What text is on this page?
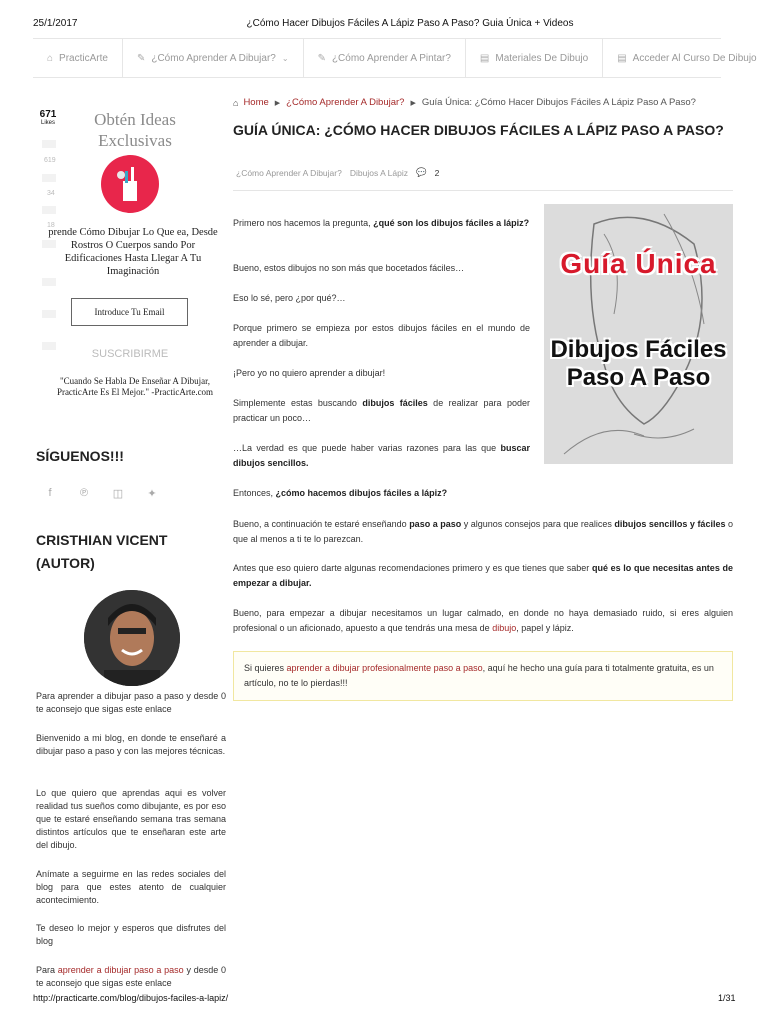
25/1/2017	¿Cómo Hacer Dibujos Fáciles A Lápiz Paso A Paso? Guia Única + Videos
⌂ PracticArte	✎ ¿Cómo Aprender A Dibujar? ⌄	✎ ¿Cómo Aprender A Pintar?	▤ Materiales De Dibujo	▤ Acceder Al Curso De Dibujo
671
Likes
619
34
18
Obtén Ideas Exclusivas
prende Cómo Dibujar Lo Que ea, Desde Rostros O Cuerpos sando Por Edificaciones Hasta Llegar A Tu Imaginación
Introduce Tu Email
SUSCRIBIRME
"Cuando Se Habla De Enseñar A Dibujar, PracticArte Es El Mejor." -PracticArte.com
SÍGUENOS!!!
f	℗ ◫ ✦
CRISTHIAN VICENT
(AUTOR)
Para aprender a dibujar paso a paso y desde 0 te aconsejo que sigas este enlace
Bienvenido a mi blog, en donde te enseñaré a dibujar paso a paso y con las mejores técnicas.
Lo que quiero que aprendas aqui es volver realidad tus sueños como dibujante, es por eso que te estaré enseñando semana tras semana distintos artículos que te enseñaran este arte del dibujo.
Anímate a seguirme en las redes sociales del blog para que estes atento de cualquier acontecimiento.
Te deseo lo mejor y esperos que disfrutes del blog
Para aprender a dibujar paso a paso y desde 0 te aconsejo que sigas este enlace
⌂ Home ▶ ¿Cómo Aprender A Dibujar? ▶ Guía Única: ¿Cómo Hacer Dibujos Fáciles A Lápiz Paso A Paso?
GUÍA ÚNICA: ¿CÓMO HACER DIBUJOS FÁCILES A LÁPIZ PASO A PASO?
¿Cómo Aprender A Dibujar? Dibujos A Lápiz 💬 2
Guía Única
Dibujos Fáciles Paso A Paso
Primero nos hacemos la pregunta, ¿qué son los dibujos fáciles a lápiz?
Bueno, estos dibujos no son más que bocetados fáciles…
Eso lo sé, pero ¿por qué?…
Porque primero se empieza por estos dibujos fáciles en el mundo de aprender a dibujar.
¡Pero yo no quiero aprender a dibujar!
Simplemente estas buscando dibujos fáciles de realizar para poder practicar un poco…
…La verdad es que puede haber varias razones para las que buscar dibujos sencillos.
Entonces, ¿cómo hacemos dibujos fáciles a lápiz?
Bueno, a continuación te estaré enseñando paso a paso y algunos consejos para que realices dibujos sencillos y fáciles o que al menos a ti te lo parezcan.
Antes que eso quiero darte algunas recomendaciones primero y es que tienes que saber qué es lo que necesitas antes de empezar a dibujar.
Bueno, para empezar a dibujar necesitamos un lugar calmado, en donde no haya demasiado ruido, si eres alguien profesional o un aficionado, apuesto a que tendrás una mesa de dibujo, papel y lápiz.
Si quieres aprender a dibujar profesionalmente paso a paso, aquí he hecho una guía para ti totalmente gratuita, es un artículo, no te lo pierdas!!!
http://practicarte.com/blog/dibujos-faciles-a-lapiz/	1/31
